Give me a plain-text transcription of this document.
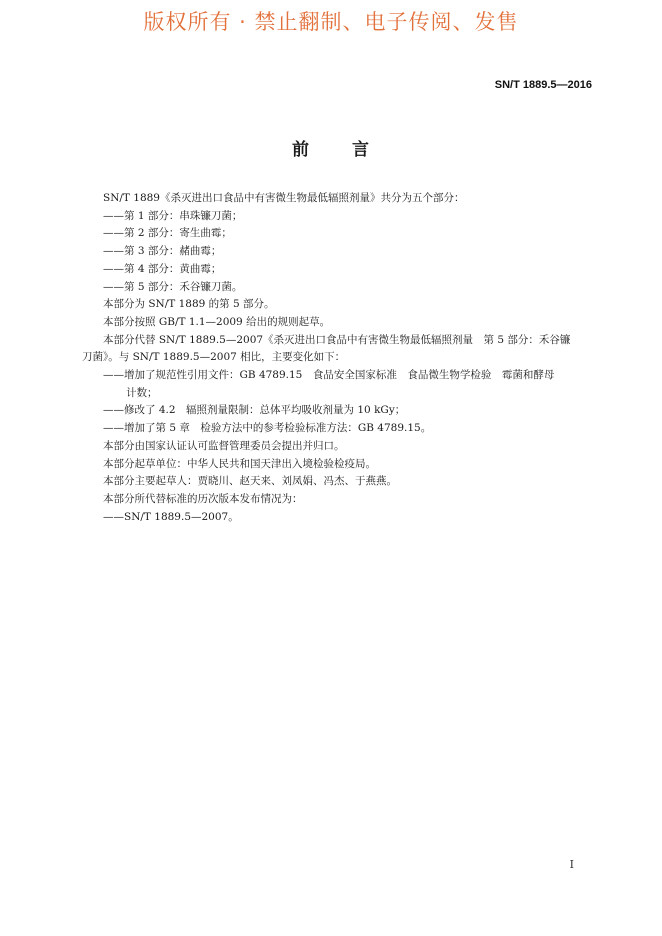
版权所有 · 禁止翻制、电子传阅、发售
SN/T 1889.5—2016
前 言
SN/T 1889《杀灭进出口食品中有害微生物最低辐照剂量》共分为五个部分：
——第 1 部分：串珠镰刀菌；
——第 2 部分：寄生曲霉；
——第 3 部分：赭曲霉；
——第 4 部分：黄曲霉；
——第 5 部分：禾谷镰刀菌。
本部分为 SN/T 1889 的第 5 部分。
本部分按照 GB/T 1.1—2009 给出的规则起草。
本部分代替 SN/T 1889.5—2007《杀灭进出口食品中有害微生物最低辐照剂量　第 5 部分：禾谷镰
刀菌》。与 SN/T 1889.5—2007 相比，主要变化如下：
——增加了规范性引用文件：GB 4789.15　食品安全国家标准　食品微生物学检验　霉菌和酵母
计数；
——修改了 4.2　辐照剂量限制：总体平均吸收剂量为 10 kGy；
——增加了第 5 章　检验方法中的参考检验标准方法：GB 4789.15。
本部分由国家认证认可监督管理委员会提出并归口。
本部分起草单位：中华人民共和国天津出入境检验检疫局。
本部分主要起草人：贾晓川、赵天来、刘凤娟、冯杰、于燕燕。
本部分所代替标准的历次版本发布情况为：
——SN/T 1889.5—2007。
I
